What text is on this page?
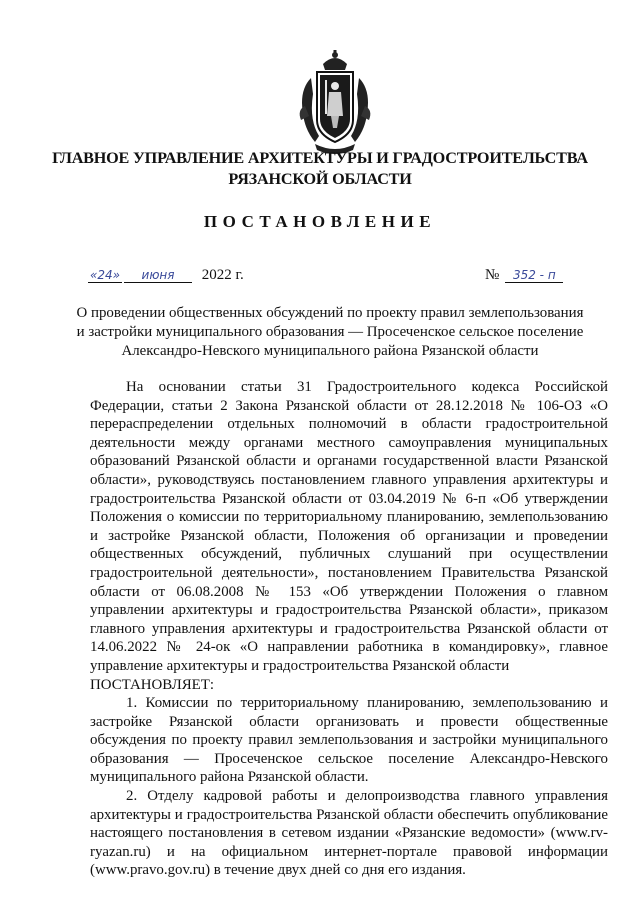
ГЛАВНОЕ УПРАВЛЕНИЕ АРХИТЕКТУРЫ И ГРАДОСТРОИТЕЛЬСТВА
РЯЗАНСКОЙ ОБЛАСТИ
ПОСТАНОВЛЕНИЕ
«24» июня 2022 г.	№ 352 - п
О проведении общественных обсуждений по проекту правил землепользования
и застройки муниципального образования — Просеченское сельское поселение
Александро-Невского муниципального района Рязанской области

На основании статьи 31 Градостроительного кодекса Российской Федерации, статьи 2 Закона Рязанской области от 28.12.2018 № 106-ОЗ «О перераспределении отдельных полномочий в области градостроительной деятельности между органами местного самоуправления муниципальных образований Рязанской области и органами государственной власти Рязанской области», руководствуясь постановлением главного управления архитектуры и градостроительства Рязанской области от 03.04.2019 № 6-п «Об утверждении Положения о комиссии по территориальному планированию, землепользованию и застройке Рязанской области, Положения об организации и проведении общественных обсуждений, публичных слушаний при осуществлении градостроительной деятельности», постановлением Правительства Рязанской области от 06.08.2008 № 153 «Об утверждении Положения о главном управлении архитектуры и градостроительства Рязанской области», приказом главного управления архитектуры и градостроительства Рязанской области от 14.06.2022 № 24-ок «О направлении работника в командировку», главное управление архитектуры и градостроительства Рязанской области

ПОСТАНОВЛЯЕТ:

1. Комиссии по территориальному планированию, землепользованию и застройке Рязанской области организовать и провести общественные обсуждения по проекту правил землепользования и застройки муниципального образования — Просеченское сельское поселение Александро-Невского муниципального района Рязанской области.

2. Отделу кадровой работы и делопроизводства главного управления архитектуры и градостроительства Рязанской области обеспечить опубликование настоящего постановления в сетевом издании «Рязанские ведомости» (www.rv-ryazan.ru) и на официальном интернет-портале правовой информации (www.pravo.gov.ru) в течение двух дней со дня его издания.
